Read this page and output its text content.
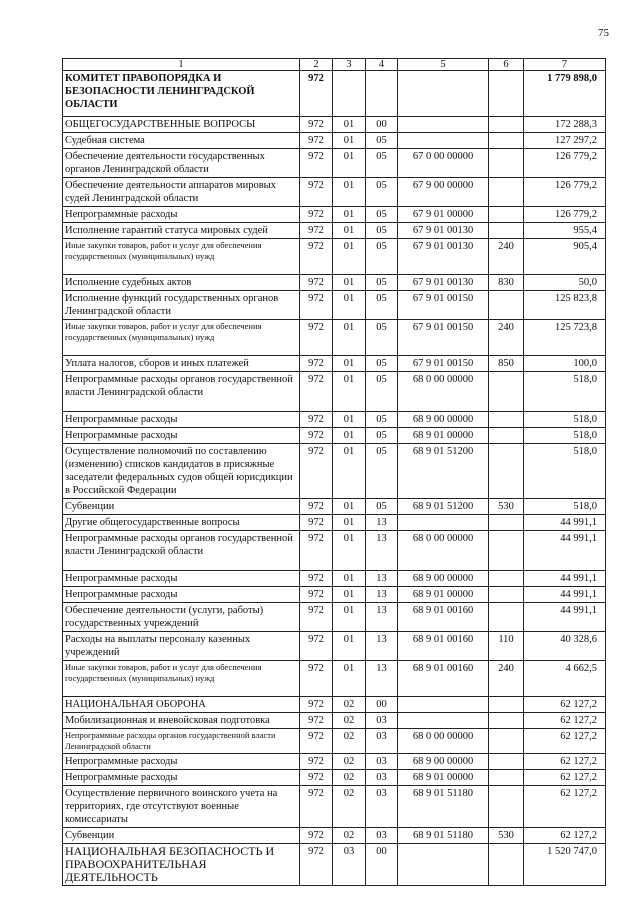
75
1	2	3	4	5	6	7
КОМИТЕТ ПРАВОПОРЯДКА И БЕЗОПАСНОСТИ ЛЕНИНГРАДСКОЙ ОБЛАСТИ	972					1 779 898,0
ОБЩЕГОСУДАРСТВЕННЫЕ ВОПРОСЫ	972	01	00			172 288,3
Судебная система	972	01	05			127 297,2
Обеспечение деятельности государственных органов Ленинградской области	972	01	05	67 0 00 00000		126 779,2
Обеспечение деятельности аппаратов мировых судей Ленинградской области	972	01	05	67 9 00 00000		126 779,2
Непрограммные расходы	972	01	05	67 9 01 00000		126 779,2
Исполнение гарантий статуса мировых судей	972	01	05	67 9 01 00130		955,4
Иные закупки товаров, работ и услуг для обеспечения государственных (муниципальных) нужд	972	01	05	67 9 01 00130	240	905,4
Исполнение судебных актов	972	01	05	67 9 01 00130	830	50,0
Исполнение функций государственных органов Ленинградской области	972	01	05	67 9 01 00150		125 823,8
Иные закупки товаров, работ и услуг для обеспечения государственных (муниципальных) нужд	972	01	05	67 9 01 00150	240	125 723,8
Уплата налогов, сборов и иных платежей	972	01	05	67 9 01 00150	850	100,0
Непрограммные расходы органов государственной власти Ленинградской области	972	01	05	68 0 00 00000		518,0
Непрограммные расходы	972	01	05	68 9 00 00000		518,0
Непрограммные расходы	972	01	05	68 9 01 00000		518,0
Осуществление полномочий по составлению (изменению) списков кандидатов в присяжные заседатели федеральных судов общей юрисдикции в Российской Федерации	972	01	05	68 9 01 51200		518,0
Субвенции	972	01	05	68 9 01 51200	530	518,0
Другие общегосударственные вопросы	972	01	13			44 991,1
Непрограммные расходы органов государственной власти Ленинградской области	972	01	13	68 0 00 00000		44 991,1
Непрограммные расходы	972	01	13	68 9 00 00000		44 991,1
Непрограммные расходы	972	01	13	68 9 01 00000		44 991,1
Обеспечение деятельности (услуги, работы) государственных учреждений	972	01	13	68 9 01 00160		44 991,1
Расходы на выплаты персоналу казенных учреждений	972	01	13	68 9 01 00160	110	40 328,6
Иные закупки товаров, работ и услуг для обеспечения государственных (муниципальных) нужд	972	01	13	68 9 01 00160	240	4 662,5
НАЦИОНАЛЬНАЯ ОБОРОНА	972	02	00			62 127,2
Мобилизационная и вневойсковая подготовка	972	02	03			62 127,2
Непрограммные расходы органов государственной власти Ленинградской области	972	02	03	68 0 00 00000		62 127,2
Непрограммные расходы	972	02	03	68 9 00 00000		62 127,2
Непрограммные расходы	972	02	03	68 9 01 00000		62 127,2
Осуществление первичного воинского учета на территориях, где отсутствуют военные комиссариаты	972	02	03	68 9 01 51180		62 127,2
Субвенции	972	02	03	68 9 01 51180	530	62 127,2
НАЦИОНАЛЬНАЯ БЕЗОПАСНОСТЬ И ПРАВООХРАНИТЕЛЬНАЯ ДЕЯТЕЛЬНОСТЬ	972	03	00			1 520 747,0
